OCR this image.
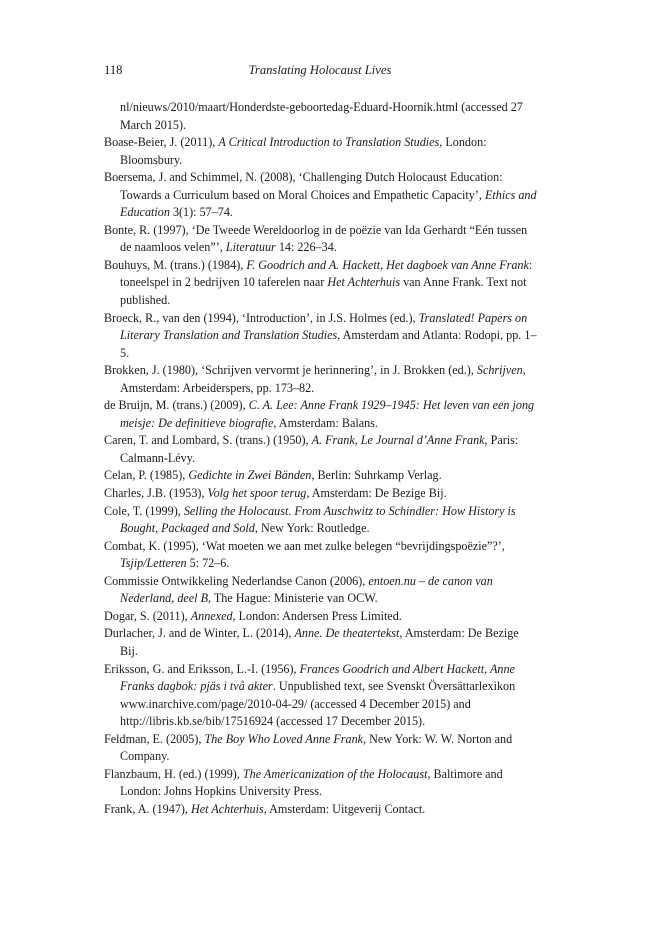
118	Translating Holocaust Lives

nl/nieuws/2010/maart/Honderdste-geboortedag-Eduard-Hoornik.html (accessed 27 March 2015).

Boase-Beier, J. (2011), A Critical Introduction to Translation Studies, London: Bloomsbury.

Boersema, J. and Schimmel, N. (2008), ‘Challenging Dutch Holocaust Education: Towards a Curriculum based on Moral Choices and Empathetic Capacity’, Ethics and Education 3(1): 57–74.

Bonte, R. (1997), ‘De Tweede Wereldoorlog in de poëzie van Ida Gerhardt “Eén tussen de naamloos velen”’, Literatuur 14: 226–34.

Bouhuys, M. (trans.) (1984), F. Goodrich and A. Hackett, Het dagboek van Anne Frank: toneelspel in 2 bedrijven 10 taferelen naar Het Achterhuis van Anne Frank. Text not published.

Broeck, R., van den (1994), ‘Introduction’, in J.S. Holmes (ed.), Translated! Papers on Literary Translation and Translation Studies, Amsterdam and Atlanta: Rodopi, pp. 1–5.

Brokken, J. (1980), ‘Schrijven vervormt je herinnering’, in J. Brokken (ed.), Schrijven, Amsterdam: Arbeiderspers, pp. 173–82.

de Bruijn, M. (trans.) (2009), C. A. Lee: Anne Frank 1929–1945: Het leven van een jong meisje: De definitieve biografie, Amsterdam: Balans.

Caren, T. and Lombard, S. (trans.) (1950), A. Frank, Le Journal d’Anne Frank, Paris: Calmann-Lévy.

Celan, P. (1985), Gedichte in Zwei Bänden, Berlin: Suhrkamp Verlag.

Charles, J.B. (1953), Volg het spoor terug, Amsterdam: De Bezige Bij.

Cole, T. (1999), Selling the Holocaust. From Auschwitz to Schindler: How History is Bought, Packaged and Sold, New York: Routledge.

Combat, K. (1995), ‘Wat moeten we aan met zulke belegen “bevrijdingspoëzie”?’, Tsjip/Letteren 5: 72–6.

Commissie Ontwikkeling Nederlandse Canon (2006), entoen.nu – de canon van Nederland, deel B, The Hague: Ministerie van OCW.

Dogar, S. (2011), Annexed, London: Andersen Press Limited.

Durlacher, J. and de Winter, L. (2014), Anne. De theatertekst, Amsterdam: De Bezige Bij.

Eriksson, G. and Eriksson, L.-I. (1956), Frances Goodrich and Albert Hackett, Anne Franks dagbok: pjäs i två akter. Unpublished text, see Svenskt Översättarlexikon www.inarchive.com/page/2010-04-29/ (accessed 4 December 2015) and http://libris.kb.se/bib/17516924 (accessed 17 December 2015).

Feldman, E. (2005), The Boy Who Loved Anne Frank, New York: W. W. Norton and Company.

Flanzbaum, H. (ed.) (1999), The Americanization of the Holocaust, Baltimore and London: Johns Hopkins University Press.

Frank, A. (1947), Het Achterhuis, Amsterdam: Uitgeverij Contact.
